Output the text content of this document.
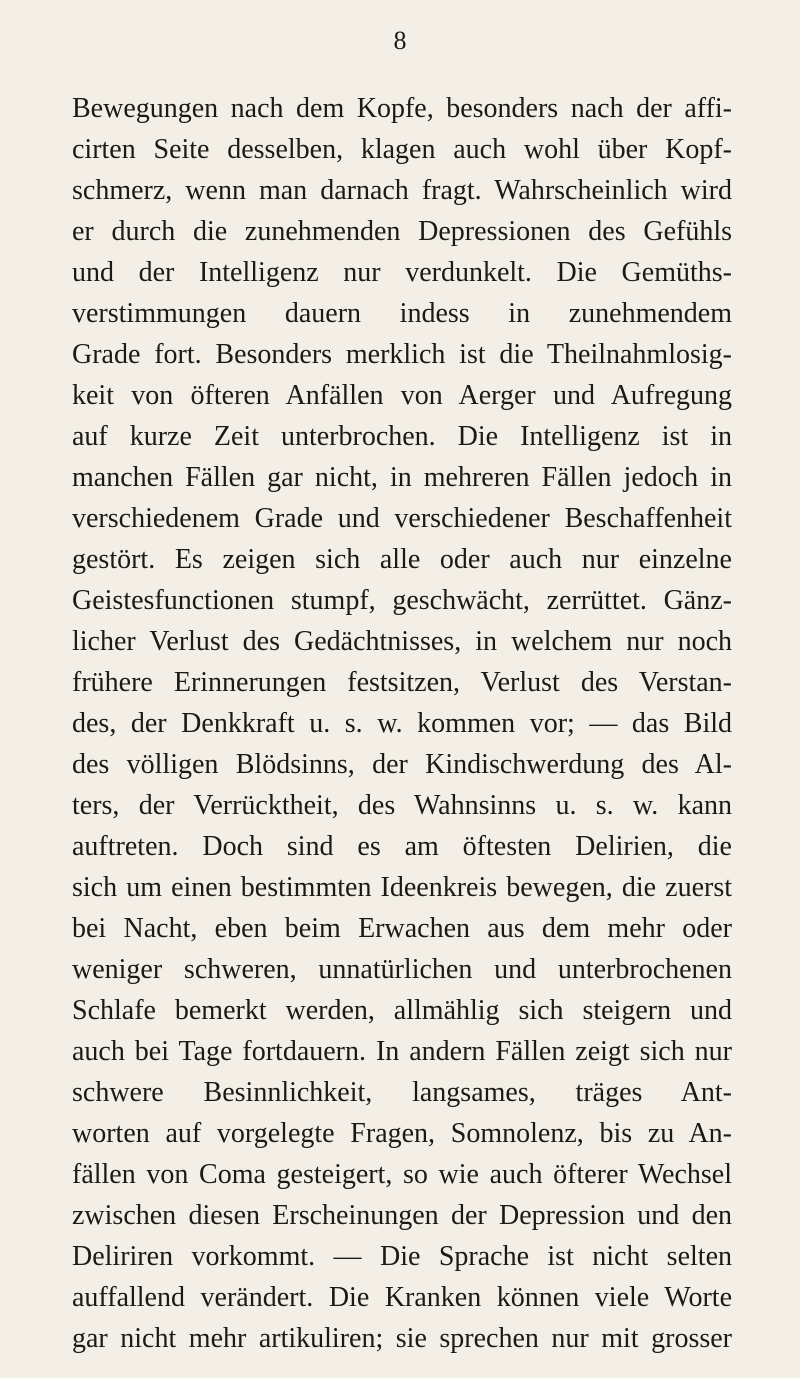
8
Bewegungen nach dem Kopfe, besonders nach der affi-
cirten Seite desselben, klagen auch wohl über Kopf-
schmerz, wenn man darnach fragt. Wahrscheinlich wird
er durch die zunehmenden Depressionen des Gefühls
und der Intelligenz nur verdunkelt. Die Gemüths-
verstimmungen dauern indess in zunehmendem
Grade fort. Besonders merklich ist die Theilnahmlosig-
keit von öfteren Anfällen von Aerger und Aufregung
auf kurze Zeit unterbrochen. Die Intelligenz ist in
manchen Fällen gar nicht, in mehreren Fällen jedoch in
verschiedenem Grade und verschiedener Beschaffenheit
gestört. Es zeigen sich alle oder auch nur einzelne
Geistesfunctionen stumpf, geschwächt, zerrüttet. Gänz-
licher Verlust des Gedächtnisses, in welchem nur noch
frühere Erinnerungen festsitzen, Verlust des Verstan-
des, der Denkkraft u. s. w. kommen vor; — das Bild
des völligen Blödsinns, der Kindischwerdung des Al-
ters, der Verrücktheit, des Wahnsinns u. s. w. kann
auftreten. Doch sind es am öftesten Delirien, die
sich um einen bestimmten Ideenkreis bewegen, die zuerst
bei Nacht, eben beim Erwachen aus dem mehr oder
weniger schweren, unnatürlichen und unterbrochenen
Schlafe bemerkt werden, allmählig sich steigern und
auch bei Tage fortdauern. In andern Fällen zeigt sich nur
schwere Besinnlichkeit, langsames, träges Ant-
worten auf vorgelegte Fragen, Somnolenz, bis zu An-
fällen von Coma gesteigert, so wie auch öfterer Wechsel
zwischen diesen Erscheinungen der Depression und den
Deliriren vorkommt. — Die Sprache ist nicht selten
auffallend verändert. Die Kranken können viele Worte
gar nicht mehr artikuliren; sie sprechen nur mit grosser
